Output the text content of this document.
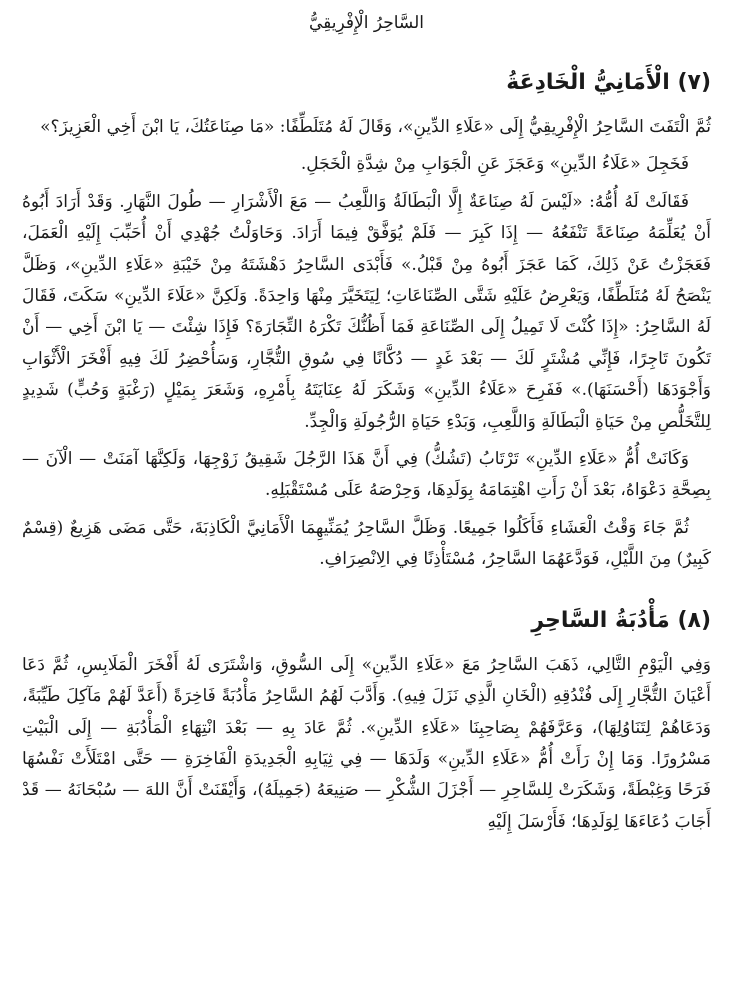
السَّاحِرُ الْإِفْرِيقِيُّ
(٧) الْأَمَانِيُّ الْخَادِعَةُ

ثُمَّ الْتَفَتَ السَّاحِرُ الْإِفْرِيقِيُّ إِلَى «عَلَاءِ الدِّينِ»، وَقَالَ لَهُ مُتَلَطِّفًا: «مَا صِنَاعَتُكَ، يَا ابْنَ أَخِي الْعَزِيزَ؟»

فَخَجِلَ «عَلَاءُ الدِّينِ» وَعَجَزَ عَنِ الْجَوَابِ مِنْ شِدَّةِ الْخَجَلِ.

فَقَالَتْ لَهُ أُمُّهُ: «لَيْسَ لَهُ صِنَاعَةٌ إِلَّا الْبَطَالَةُ وَاللَّعِبُ — مَعَ الْأَشْرَارِ — طُولَ النَّهَارِ. وَقَدْ أَرَادَ أَبُوهُ أَنْ يُعَلِّمَهُ صِنَاعَةً تَنْفَعُهُ — إِذَا كَبِرَ — فَلَمْ يُوَفَّقْ فِيمَا أَرَادَ. وَحَاوَلْتُ جُهْدِي أَنْ أُحَبِّبَ إِلَيْهِ الْعَمَلَ، فَعَجَزْتُ عَنْ ذَلِكَ، كَمَا عَجَزَ أَبُوهُ مِنْ قَبْلُ.» فَأَبْدَى السَّاحِرُ دَهْشَتَهُ مِنْ خَيْبَةِ «عَلَاءِ الدِّينِ»، وَظَلَّ يَنْصَحُ لَهُ مُتَلَطِّفًا، وَيَعْرِضُ عَلَيْهِ شَتَّى الصِّنَاعَاتِ؛ لِيَتَخَيَّرَ مِنْهَا وَاحِدَةً. وَلَكِنَّ «عَلَاءَ الدِّينِ» سَكَتَ، فَقَالَ لَهُ السَّاحِرُ: «إِذَا كُنْتَ لَا تَمِيلُ إِلَى الصِّنَاعَةِ فَمَا أَظُنُّكَ تَكْرَهُ التِّجَارَةَ؟ فَإِذَا شِئْتَ — يَا ابْنَ أَخِي — أَنْ تَكُونَ تَاجِرًا، فَإِنِّي مُشْتَرٍ لَكَ — بَعْدَ غَدٍ — دُكَّانًا فِي سُوقِ التُّجَّارِ، وَسَأُحْضِرُ لَكَ فِيهِ أَفْخَرَ الْأَثْوَابِ وَأَجْوَدَهَا (أَحْسَنَهَا).» فَفَرِحَ «عَلَاءُ الدِّينِ» وَشَكَرَ لَهُ عِنَايَتَهُ بِأَمْرِهِ، وَشَعَرَ بِمَيْلٍ (رَغْبَةٍ وَحُبٍّ) شَدِيدٍ لِلتَّخَلُّصِ مِنْ حَيَاةِ الْبَطَالَةِ وَاللَّعِبِ، وَبَدْءِ حَيَاةِ الرُّجُولَةِ وَالْجِدِّ.

وَكَانَتْ أُمُّ «عَلَاءِ الدِّينِ» تَرْتَابُ (تَشُكُّ) فِي أَنَّ هَذَا الرَّجُلَ شَقِيقُ زَوْجِهَا، وَلَكِنَّهَا آمَنَتْ — الْآنَ — بِصِحَّةِ دَعْوَاهُ، بَعْدَ أَنْ رَأَتِ اهْتِمَامَهُ بِوَلَدِهَا، وَحِرْصَهُ عَلَى مُسْتَقْبَلِهِ.

ثُمَّ جَاءَ وَقْتُ الْعَشَاءِ فَأَكَلُوا جَمِيعًا. وَظَلَّ السَّاحِرُ يُمَنِّيهِمَا الْأَمَانِيَّ الْكَاذِبَةَ، حَتَّى مَضَى هَزِيعٌ (قِسْمٌ كَبِيرٌ) مِنَ اللَّيْلِ، فَوَدَّعَهُمَا السَّاحِرُ، مُسْتَأْذِنًا فِي الِانْصِرَافِ.

(٨) مَأْدُبَةُ السَّاحِرِ

وَفِي الْيَوْمِ التَّالِي، ذَهَبَ السَّاحِرُ مَعَ «عَلَاءِ الدِّينِ» إِلَى السُّوقِ، وَاشْتَرَى لَهُ أَفْخَرَ الْمَلَابِسِ، ثُمَّ دَعَا أَعْيَانَ التُّجَّارِ إِلَى فُنْدُقِهِ (الْخَانِ الَّذِي نَزَلَ فِيهِ). وَأَدَّبَ لَهُمُ السَّاحِرُ مَأْدُبَةً فَاخِرَةً (أَعَدَّ لَهُمْ مَآكِلَ طَيِّبَةً، وَدَعَاهُمْ لِتَنَاوُلِهَا)، وَعَرَّفَهُمْ بِصَاحِبِنَا «عَلَاءِ الدِّينِ». ثُمَّ عَادَ بِهِ — بَعْدَ انْتِهَاءِ الْمَأْدُبَةِ — إِلَى الْبَيْتِ مَسْرُورًا. وَمَا إِنْ رَأَتْ أُمُّ «عَلَاءِ الدِّينِ» وَلَدَهَا — فِي ثِيَابِهِ الْجَدِيدَةِ الْفَاخِرَةِ — حَتَّى امْتَلَأَتْ نَفْسُهَا فَرَحًا وَغِبْطَةً، وَشَكَرَتْ لِلسَّاحِرِ — أَجْزَلَ الشُّكْرِ — صَنِيعَهُ (جَمِيلَهُ)، وَأَيْقَنَتْ أَنَّ اللهَ — سُبْحَانَهُ — قَدْ أَجَابَ دُعَاءَهَا لِوَلَدِهَا؛ فَأَرْسَلَ إِلَيْهِ
